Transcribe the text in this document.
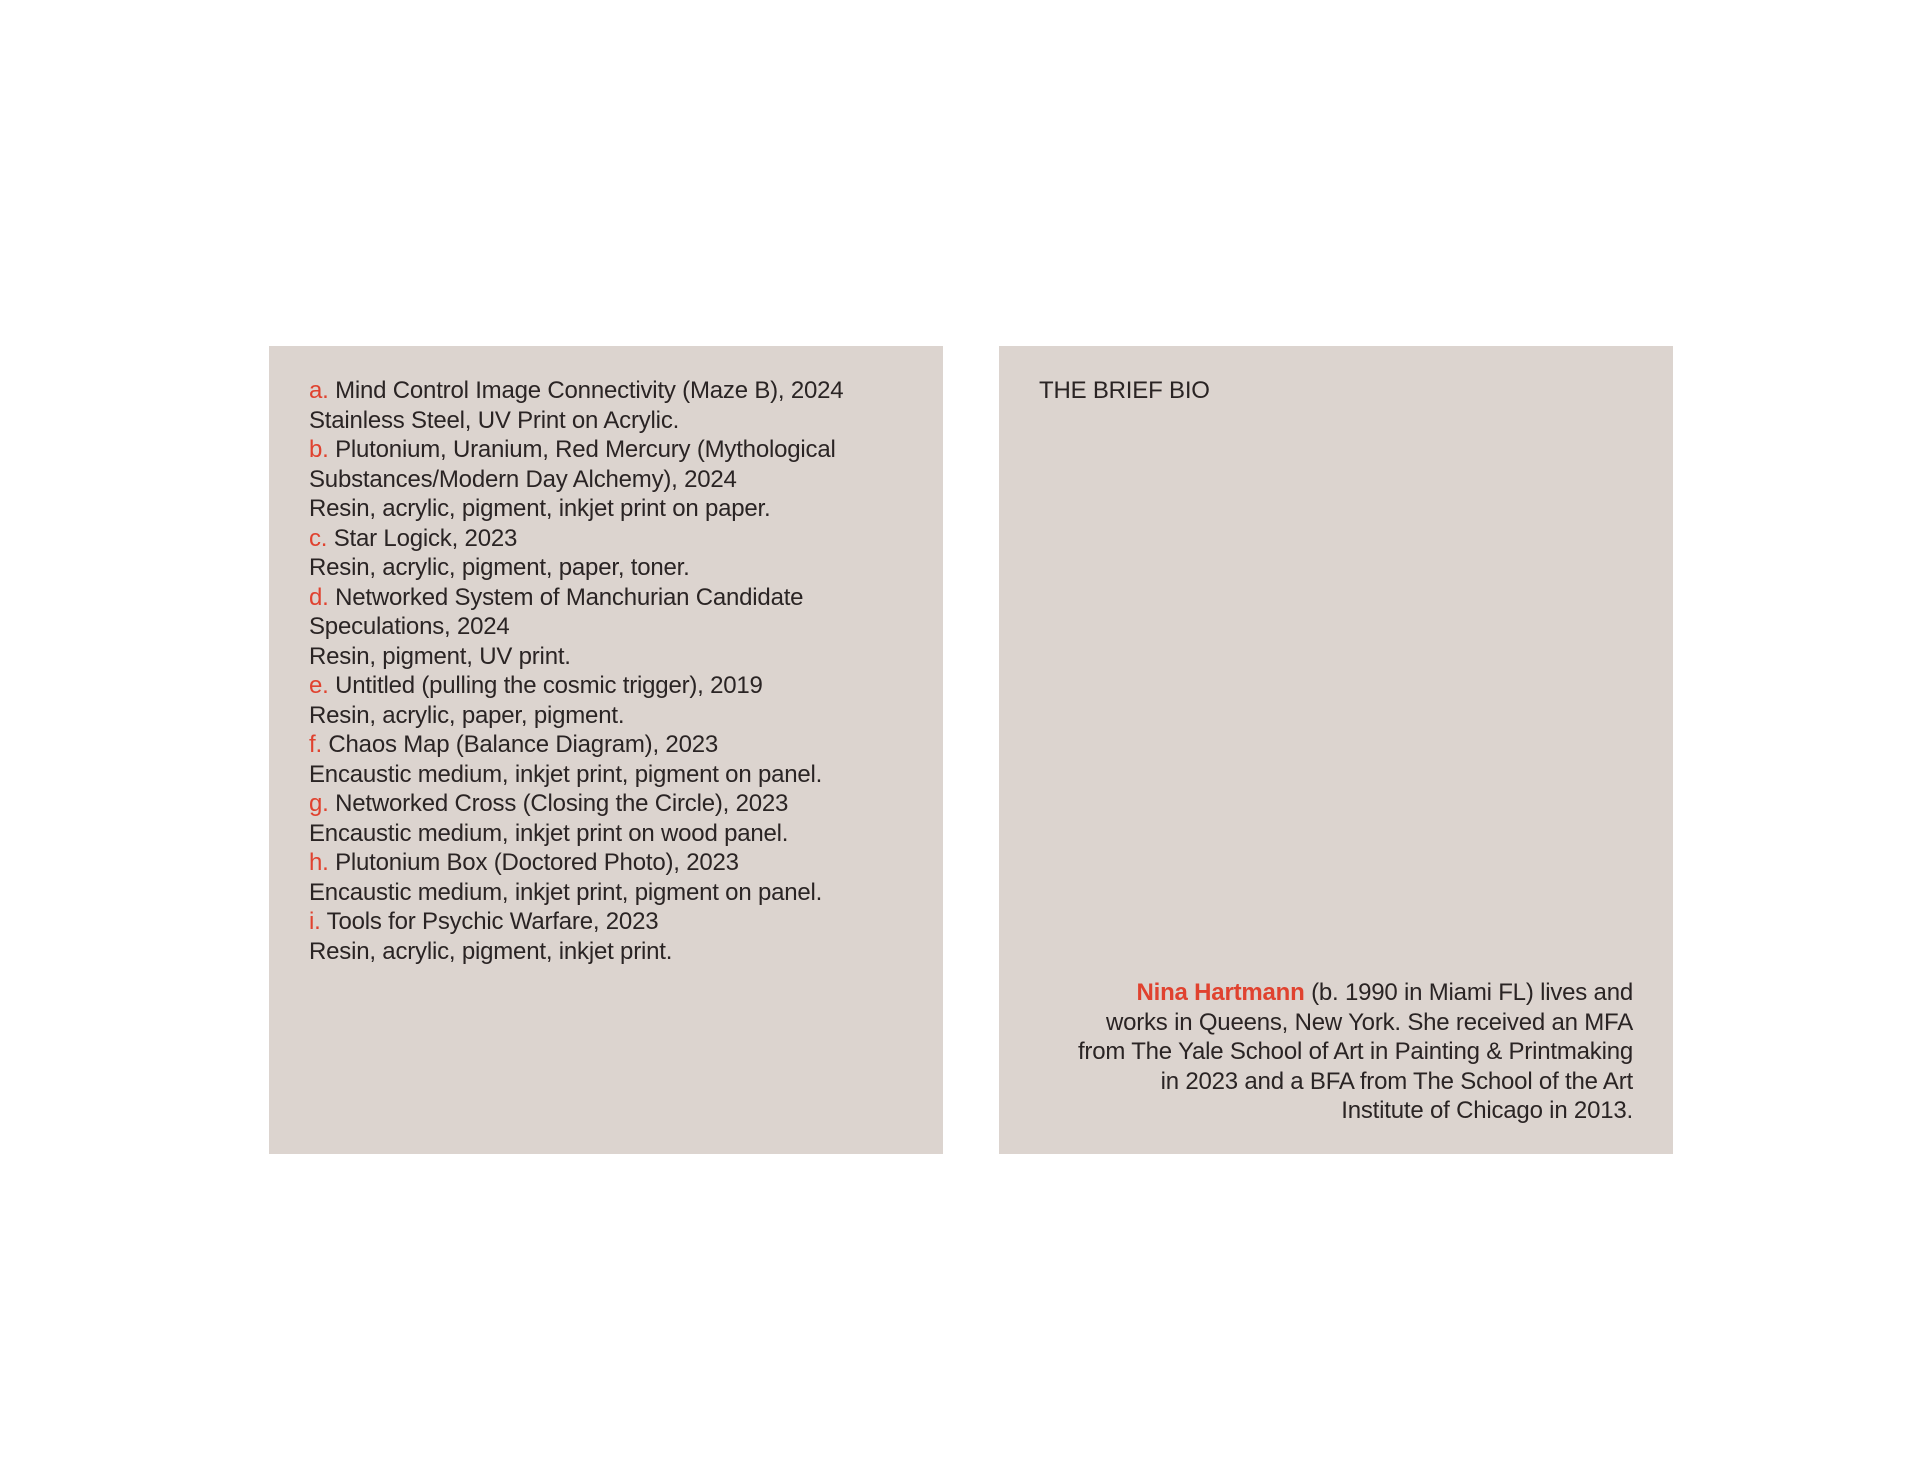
a. Mind Control Image Connectivity (Maze B), 2024
Stainless Steel, UV Print on Acrylic.
b. Plutonium, Uranium, Red Mercury (Mythological Substances/Modern Day Alchemy), 2024
Resin, acrylic, pigment, inkjet print on paper.
c. Star Logick, 2023
Resin, acrylic, pigment, paper, toner.
d. Networked System of Manchurian Candidate Speculations, 2024
Resin, pigment, UV print.
e. Untitled (pulling the cosmic trigger), 2019
Resin, acrylic, paper, pigment.
f. Chaos Map (Balance Diagram), 2023
Encaustic medium, inkjet print, pigment on panel.
g. Networked Cross (Closing the Circle), 2023
Encaustic medium, inkjet print on wood panel.
h. Plutonium Box (Doctored Photo), 2023
Encaustic medium, inkjet print, pigment on panel.
i. Tools for Psychic Warfare, 2023
Resin, acrylic, pigment, inkjet print.
THE BRIEF BIO

Nina Hartmann (b. 1990 in Miami FL) lives and works in Queens, New York. She received an MFA from The Yale School of Art in Painting & Printmaking in 2023 and a BFA from The School of the Art Institute of Chicago in 2013.
